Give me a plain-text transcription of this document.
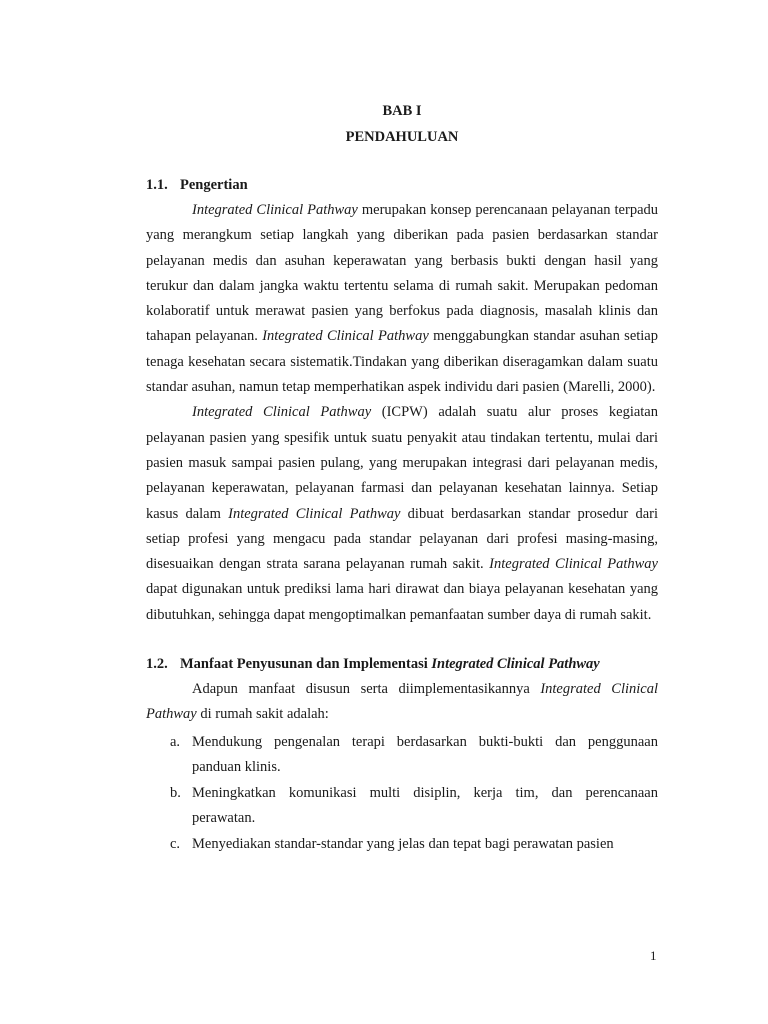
BAB I

PENDAHULUAN

1.1. Pengertian

Integrated Clinical Pathway merupakan konsep perencanaan pelayanan terpadu yang merangkum setiap langkah yang diberikan pada pasien berdasarkan standar pelayanan medis dan asuhan keperawatan yang berbasis bukti dengan hasil yang terukur dan dalam jangka waktu tertentu selama di rumah sakit. Merupakan pedoman kolaboratif untuk merawat pasien yang berfokus pada diagnosis, masalah klinis dan tahapan pelayanan. Integrated Clinical Pathway menggabungkan standar asuhan setiap tenaga kesehatan secara sistematik.Tindakan yang diberikan diseragamkan dalam suatu standar asuhan, namun tetap memperhatikan aspek individu dari pasien (Marelli, 2000).

Integrated Clinical Pathway (ICPW) adalah suatu alur proses kegiatan pelayanan pasien yang spesifik untuk suatu penyakit atau tindakan tertentu, mulai dari pasien masuk sampai pasien pulang, yang merupakan integrasi dari pelayanan medis, pelayanan keperawatan, pelayanan farmasi dan pelayanan kesehatan lainnya. Setiap kasus dalam Integrated Clinical Pathway dibuat berdasarkan standar prosedur dari setiap profesi yang mengacu pada standar pelayanan dari profesi masing-masing, disesuaikan dengan strata sarana pelayanan rumah sakit. Integrated Clinical Pathway dapat digunakan untuk prediksi lama hari dirawat dan biaya pelayanan kesehatan yang dibutuhkan, sehingga dapat mengoptimalkan pemanfaatan sumber daya di rumah sakit.

1.2. Manfaat Penyusunan dan Implementasi Integrated Clinical Pathway

Adapun manfaat disusun serta diimplementasikannya Integrated Clinical Pathway di rumah sakit adalah:

a. Mendukung pengenalan terapi berdasarkan bukti-bukti dan penggunaan panduan klinis.
b. Meningkatkan komunikasi multi disiplin, kerja tim, dan perencanaan perawatan.
c. Menyediakan standar-standar yang jelas dan tepat bagi perawatan pasien
1
